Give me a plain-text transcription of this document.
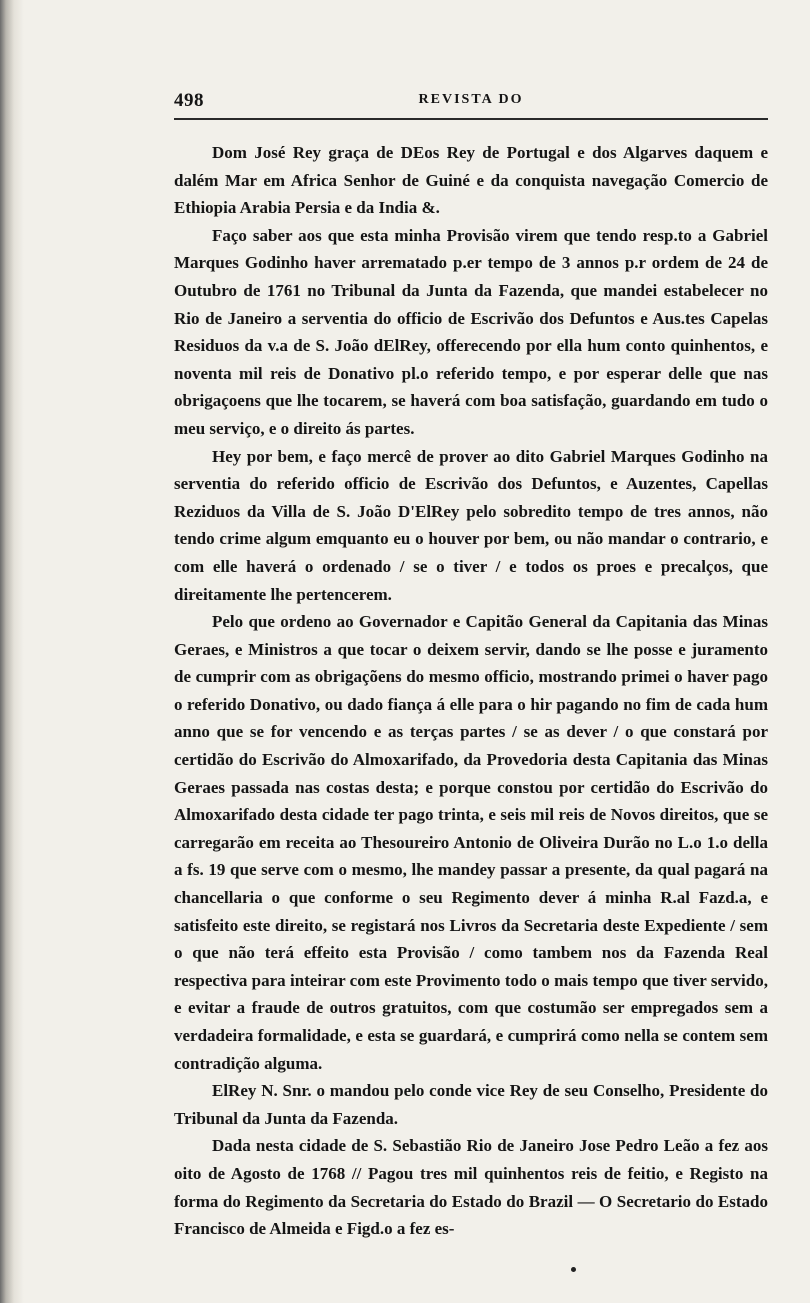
498	REVISTA DO

Dom José Rey graça de DEos Rey de Portugal e dos Algarves daquem e dalém Mar em Africa Senhor de Guiné e da conquista navegação Comercio de Ethiopia Arabia Persia e da India &.

Faço saber aos que esta minha Provisão virem que tendo resp.to a Gabriel Marques Godinho haver arrematado p.er tempo de 3 annos p.r ordem de 24 de Outubro de 1761 no Tribunal da Junta da Fazenda, que mandei estabelecer no Rio de Janeiro a serventia do officio de Escrivão dos Defuntos e Aus.tes Capelas Residuos da v.a de S. João dElRey, offerecendo por ella hum conto quinhentos, e noventa mil reis de Donativo pl.o referido tempo, e por esperar delle que nas obrigaçoens que lhe tocarem, se haverá com boa satisfação, guardando em tudo o meu serviço, e o direito ás partes.

Hey por bem, e faço mercê de prover ao dito Gabriel Marques Godinho na serventia do referido officio de Escrivão dos Defuntos, e Auzentes, Capellas Reziduos da Villa de S. João D'ElRey pelo sobredito tempo de tres annos, não tendo crime algum emquanto eu o houver por bem, ou não mandar o contrario, e com elle haverá o ordenado / se o tiver / e todos os proes e precalços, que direitamente lhe pertencerem.

Pelo que ordeno ao Governador e Capitão General da Capitania das Minas Geraes, e Ministros a que tocar o deixem servir, dando se lhe posse e juramento de cumprir com as obrigaçõens do mesmo officio, mostrando primei o haver pago o referido Donativo, ou dado fiança á elle para o hir pagando no fim de cada hum anno que se for vencendo e as terças partes / se as dever / o que constará por certidão do Escrivão do Almoxarifado, da Provedoria desta Capitania das Minas Geraes passada nas costas desta; e porque constou por certidão do Escrivão do Almoxarifado desta cidade ter pago trinta, e seis mil reis de Novos direitos, que se carregarão em receita ao Thesoureiro Antonio de Oliveira Durão no L.o 1.o della a fs. 19 que serve com o mesmo, lhe mandey passar a presente, da qual pagará na chancellaria o que conforme o seu Regimento dever á minha R.al Fazd.a, e satisfeito este direito, se registará nos Livros da Secretaria deste Expediente / sem o que não terá effeito esta Provisão / como tambem nos da Fazenda Real respectiva para inteirar com este Provimento todo o mais tempo que tiver servido, e evitar a fraude de outros gratuitos, com que costumão ser empregados sem a verdadeira formalidade, e esta se guardará, e cumprirá como nella se contem sem contradição alguma.

ElRey N. Snr. o mandou pelo conde vice Rey de seu Conselho, Presidente do Tribunal da Junta da Fazenda.

Dada nesta cidade de S. Sebastião Rio de Janeiro Jose Pedro Leão a fez aos oito de Agosto de 1768 // Pagou tres mil quinhentos reis de feitio, e Registo na forma do Regimento da Secretaria do Estado do Brazil — O Secretario do Estado Francisco de Almeida e Figd.o a fez es-
